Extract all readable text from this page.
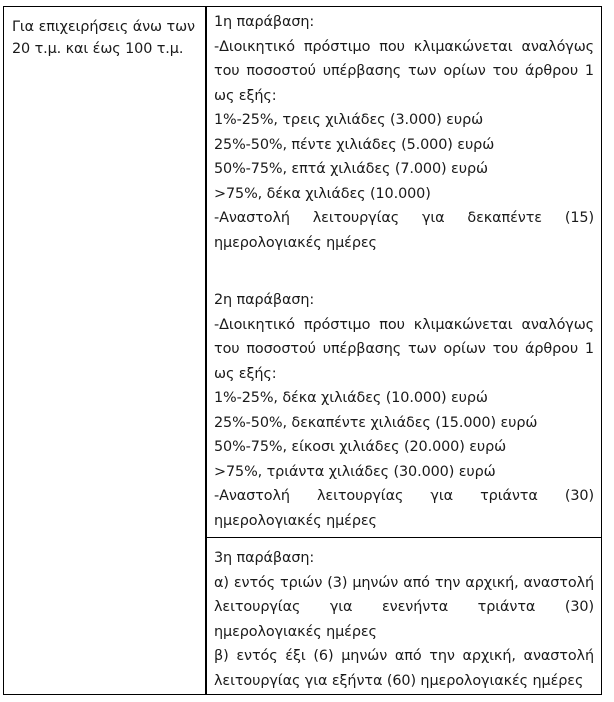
Για επιχειρήσεις άνω των 20 τ.μ. και έως 100 τ.μ.
1η παράβαση:
-Διοικητικό πρόστιμο που κλιμακώνεται αναλόγως
του ποσοστού υπέρβασης των ορίων του άρθρου 1
ως εξής:
1%-25%, τρεις χιλιάδες (3.000) ευρώ
25%-50%, πέντε χιλιάδες (5.000) ευρώ
50%-75%, επτά χιλιάδες (7.000) ευρώ
>75%, δέκα χιλιάδες (10.000)
-Αναστολή λειτουργίας για δεκαπέντε (15)
ημερολογιακές ημέρες
2η παράβαση:
-Διοικητικό πρόστιμο που κλιμακώνεται αναλόγως
του ποσοστού υπέρβασης των ορίων του άρθρου 1
ως εξής:
1%-25%, δέκα χιλιάδες (10.000) ευρώ
25%-50%, δεκαπέντε χιλιάδες (15.000) ευρώ
50%-75%, είκοσι χιλιάδες (20.000) ευρώ
>75%, τριάντα χιλιάδες (30.000) ευρώ
-Αναστολή λειτουργίας για τριάντα (30)
ημερολογιακές ημέρες
3η παράβαση:
α) εντός τριών (3) μηνών από την αρχική, αναστολή
λειτουργίας για ενενήντα τριάντα (30)
ημερολογιακές ημέρες
β) εντός έξι (6) μηνών από την αρχική, αναστολή
λειτουργίας για εξήντα (60) ημερολογιακές ημέρες
